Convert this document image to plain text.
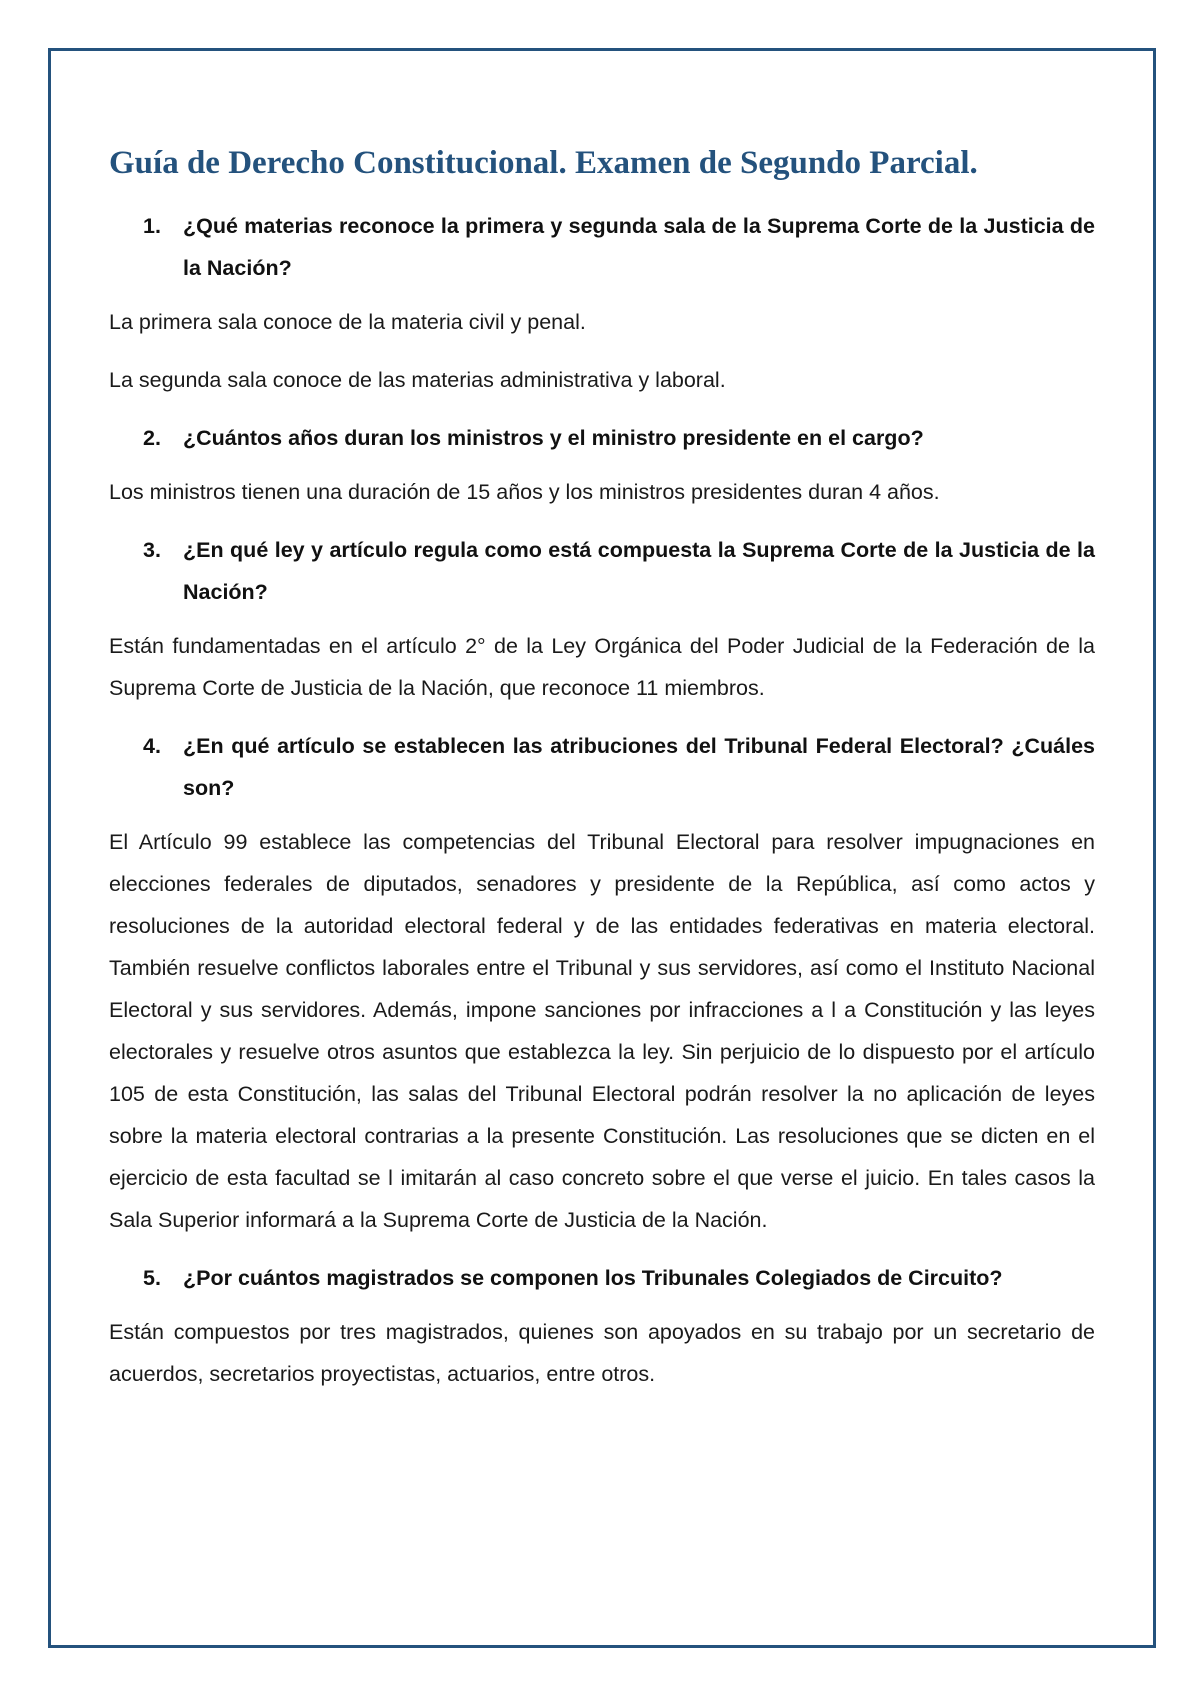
Guía de Derecho Constitucional. Examen de Segundo Parcial.
1.	¿Qué materias reconoce la primera y segunda sala de la Suprema Corte de la Justicia de la Nación?

La primera sala conoce de la materia civil y penal.

La segunda sala conoce de las materias administrativa y laboral.

2.	¿Cuántos años duran los ministros y el ministro presidente en el cargo?

Los ministros tienen una duración de 15 años y los ministros presidentes duran 4 años.

3.	¿En qué ley y artículo regula como está compuesta la Suprema Corte de la Justicia de la Nación?

Están fundamentadas en el artículo 2° de la Ley Orgánica del Poder Judicial de la Federación de la Suprema Corte de Justicia de la Nación, que reconoce 11 miembros.

4.	¿En qué artículo se establecen las atribuciones del Tribunal Federal Electoral? ¿Cuáles son?

El Artículo 99 establece las competencias del Tribunal Electoral para resolver impugnaciones en elecciones federales de diputados, senadores y presidente de la República, así como actos y resoluciones de la autoridad electoral federal y de las entidades federativas en materia electoral. También resuelve conflictos laborales entre el Tribunal y sus servidores, así como el Instituto Nacional Electoral y sus servidores. Además, impone sanciones por infracciones a l a Constitución y las leyes electorales y resuelve otros asuntos que establezca la ley. Sin perjuicio de lo dispuesto por el artículo 105 de esta Constitución, las salas del Tribunal Electoral podrán resolver la no aplicación de leyes sobre la materia electoral contrarias a la presente Constitución. Las resoluciones que se dicten en el ejercicio de esta facultad se l imitarán al caso concreto sobre el que verse el juicio. En tales casos la Sala Superior informará a la Suprema Corte de Justicia de la Nación.

5.	¿Por cuántos magistrados se componen los Tribunales Colegiados de Circuito?

Están compuestos por tres magistrados, quienes son apoyados en su trabajo por un secretario de acuerdos, secretarios proyectistas, actuarios, entre otros.
